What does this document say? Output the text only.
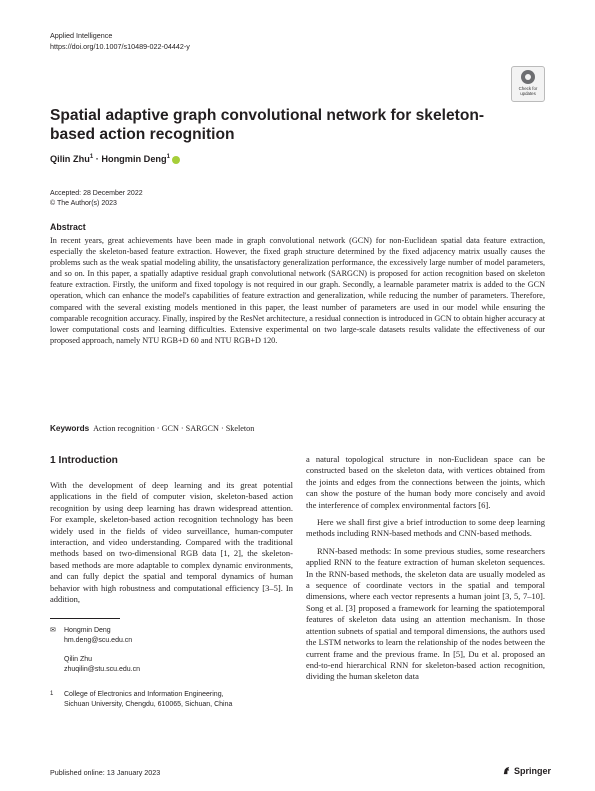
Applied Intelligence
https://doi.org/10.1007/s10489-022-04442-y
Check for updates
Spatial adaptive graph convolutional network for skeleton-based action recognition
Qilin Zhu$^1$ · Hongmin Deng$^1$
Accepted: 28 December 2022
© The Author(s) 2023
Abstract
In recent years, great achievements have been made in graph convolutional network (GCN) for non-Euclidean spatial data feature extraction, especially the skeleton-based feature extraction. However, the fixed graph structure determined by the fixed adjacency matrix usually causes the problems such as the weak spatial modeling ability, the unsatisfactory generalization performance, the excessively large number of model parameters, and so on. In this paper, a spatially adaptive residual graph convolutional network (SARGCN) is proposed for action recognition based on skeleton feature extraction. Firstly, the uniform and fixed topology is not required in our graph. Secondly, a learnable parameter matrix is added to the GCN operation, which can enhance the model's capabilities of feature extraction and generalization, while reducing the number of parameters. Therefore, compared with the several existing models mentioned in this paper, the least number of parameters are used in our model while ensuring the comparable recognition accuracy. Finally, inspired by the ResNet architecture, a residual connection is introduced in GCN to obtain higher accuracy at lower computational costs and learning difficulties. Extensive experimental on two large-scale datasets results validate the effectiveness of our proposed approach, namely NTU RGB+D 60 and NTU RGB+D 120.
Keywords Action recognition · GCN · SARGCN · Skeleton
1 Introduction

With the development of deep learning and its great potential applications in the field of computer vision, skeleton-based action recognition by using deep learning has drawn widespread attention. For example, skeleton-based action recognition technology has been widely used in the fields of video surveillance, human-computer interaction, and video understanding. Compared with the traditional methods based on two-dimensional RGB data [1, 2], the skeleton-based methods are more adaptable to complex dynamic environments, and can fully depict the spatial and temporal dynamics of human behavior with high robustness and computational efficiency [3–5]. In addition,

a natural topological structure in non-Euclidean space can be constructed based on the skeleton data, with vertices obtained from the joints and edges from the connections between the joints, which can show the posture of the human body more concisely and avoid the interference of complex environmental factors [6].

Here we shall first give a brief introduction to some deep learning methods including RNN-based methods and CNN-based methods.

RNN-based methods: In some previous studies, some researchers applied RNN to the feature extraction of human skeleton sequences. In the RNN-based methods, the skeleton data are usually modeled as a sequence of coordinate vectors in the spatial and temporal dimensions, where each vector represents a human joint [3, 5, 7–10]. Song et al. [3] proposed a framework for learning the spatiotemporal features of skeleton data using an attention mechanism. In those attention subnets of spatial and temporal dimensions, the authors used the LSTM networks to learn the relationship of the nodes between the current frame and the previous frame. In [5], Du et al. proposed an end-to-end hierarchical RNN for skeleton-based action recognition, dividing the human skeleton data

✉ Hongmin Deng
hm.deng@scu.edu.cn
Qilin Zhu
zhuqilin@stu.scu.edu.cn
1 College of Electronics and Information Engineering,
Sichuan University, Chengdu, 610065, Sichuan, China
Published online: 13 January 2023	Springer
